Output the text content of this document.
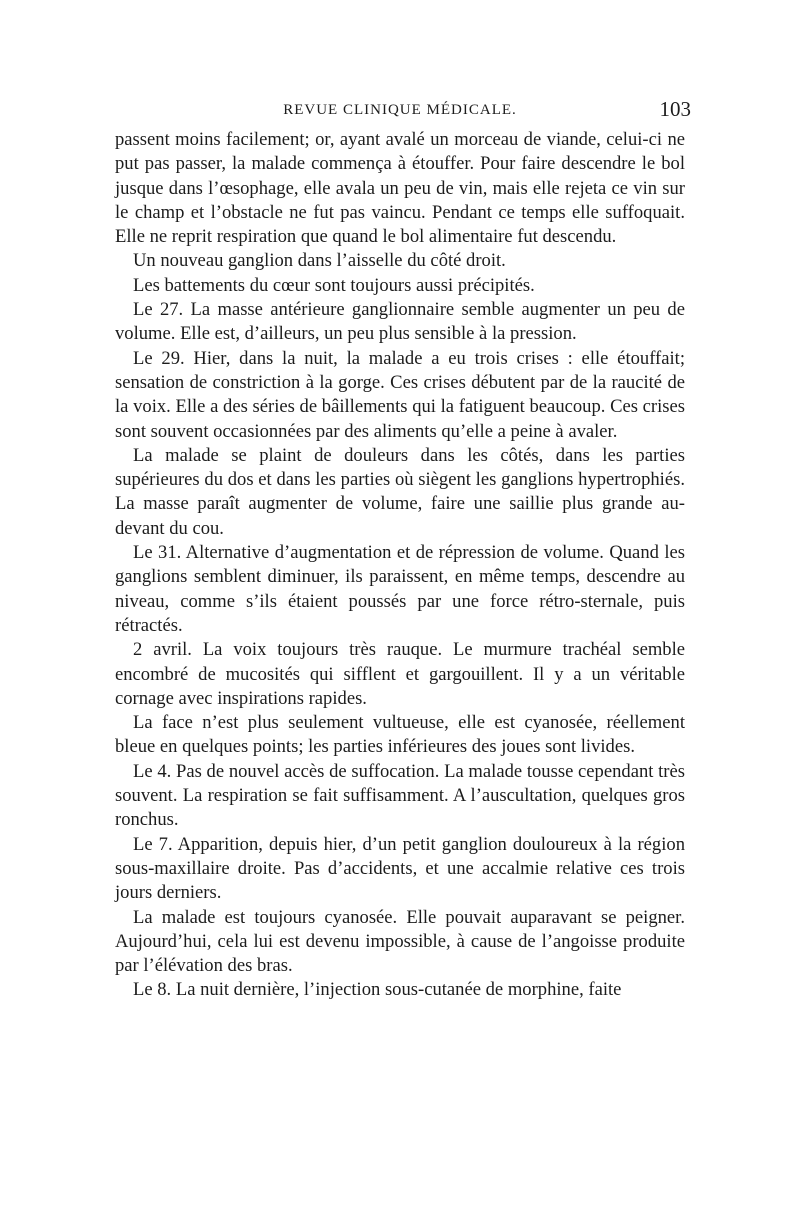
REVUE CLINIQUE MÉDICALE.	103

passent moins facilement; or, ayant avalé un morceau de viande, celui-ci ne put pas passer, la malade commença à étouffer. Pour faire descendre le bol jusque dans l’œsophage, elle avala un peu de vin, mais elle rejeta ce vin sur le champ et l’obstacle ne fut pas vaincu. Pendant ce temps elle suffoquait. Elle ne reprit respiration que quand le bol alimentaire fut descendu.

Un nouveau ganglion dans l’aisselle du côté droit.

Les battements du cœur sont toujours aussi précipités.

Le 27. La masse antérieure ganglionnaire semble augmenter un peu de volume. Elle est, d’ailleurs, un peu plus sensible à la pression.

Le 29. Hier, dans la nuit, la malade a eu trois crises : elle étouffait; sensation de constriction à la gorge. Ces crises débutent par de la raucité de la voix. Elle a des séries de bâillements qui la fatiguent beaucoup. Ces crises sont souvent occasionnées par des aliments qu’elle a peine à avaler.

La malade se plaint de douleurs dans les côtés, dans les parties supérieures du dos et dans les parties où siègent les ganglions hypertrophiés. La masse paraît augmenter de volume, faire une saillie plus grande au-devant du cou.

Le 31. Alternative d’augmentation et de répression de volume. Quand les ganglions semblent diminuer, ils paraissent, en même temps, descendre au niveau, comme s’ils étaient poussés par une force rétro-sternale, puis rétractés.

2 avril. La voix toujours très rauque. Le murmure trachéal semble encombré de mucosités qui sifflent et gargouillent. Il y a un véritable cornage avec inspirations rapides.

La face n’est plus seulement vultueuse, elle est cyanosée, réellement bleue en quelques points; les parties inférieures des joues sont livides.

Le 4. Pas de nouvel accès de suffocation. La malade tousse cependant très souvent. La respiration se fait suffisamment. A l’auscultation, quelques gros ronchus.

Le 7. Apparition, depuis hier, d’un petit ganglion douloureux à la région sous-maxillaire droite. Pas d’accidents, et une accalmie relative ces trois jours derniers.

La malade est toujours cyanosée. Elle pouvait auparavant se peigner. Aujourd’hui, cela lui est devenu impossible, à cause de l’angoisse produite par l’élévation des bras.

Le 8. La nuit dernière, l’injection sous-cutanée de morphine, faite
